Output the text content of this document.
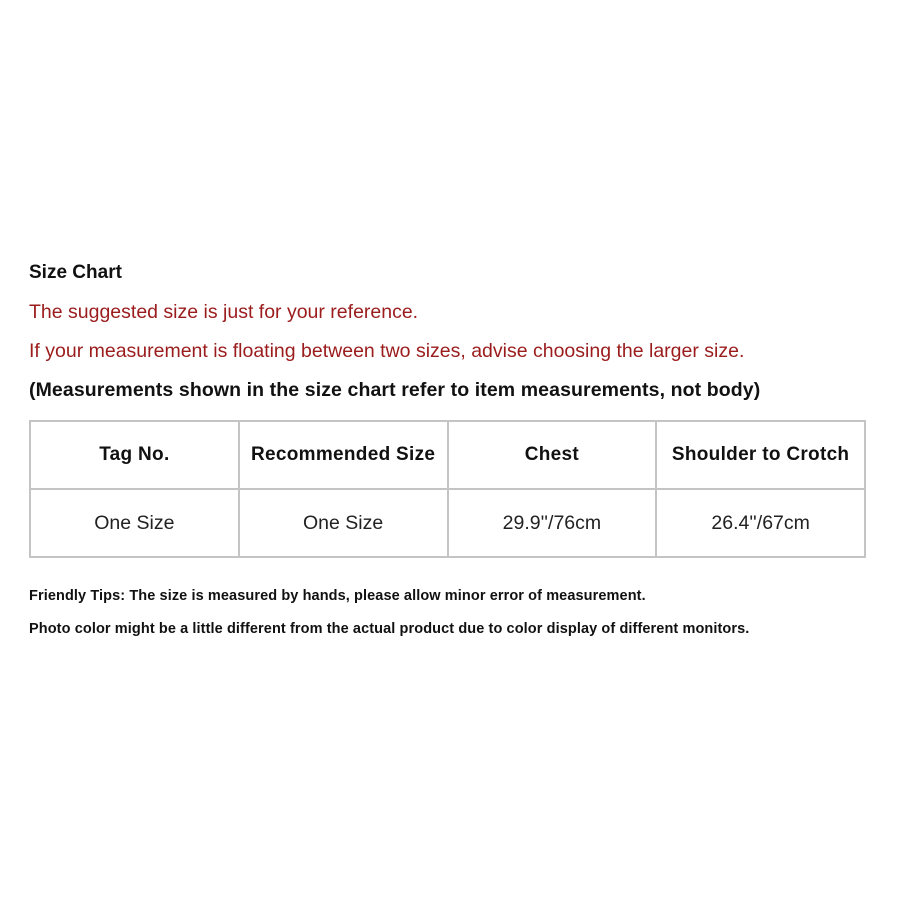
Size Chart
The suggested size is just for your reference.
If your measurement is floating between two sizes, advise choosing the larger size.
(Measurements shown in the size chart refer to item measurements, not body)
Tag No.	Recommended Size	Chest	Shoulder to Crotch
One Size	One Size	29.9''/76cm	26.4''/67cm
Friendly Tips: The size is measured by hands, please allow minor error of measurement.
Photo color might be a little different from the actual product due to color display of different monitors.
